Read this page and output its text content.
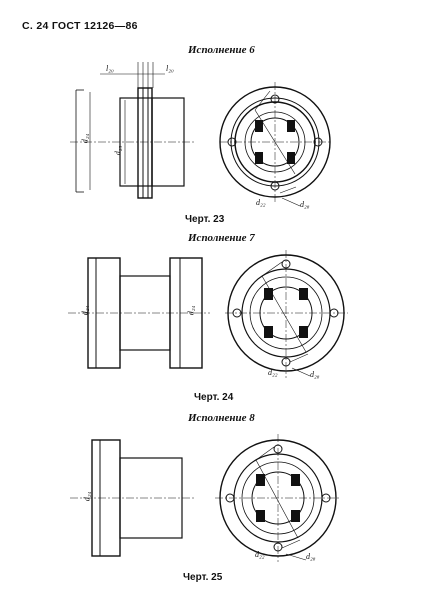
С. 24 ГОСТ 12126—86
Исполнение 6
l₂₀	l₂₀
d₂₄
d₂₅
d₂₂	d₂₈
Черт. 23
Исполнение 7
d₂₄	d₂₄
d₂₂	d₂₈
Черт. 24
Исполнение 8
d₂₄
d₂₂	d₂₈
Черт. 25
